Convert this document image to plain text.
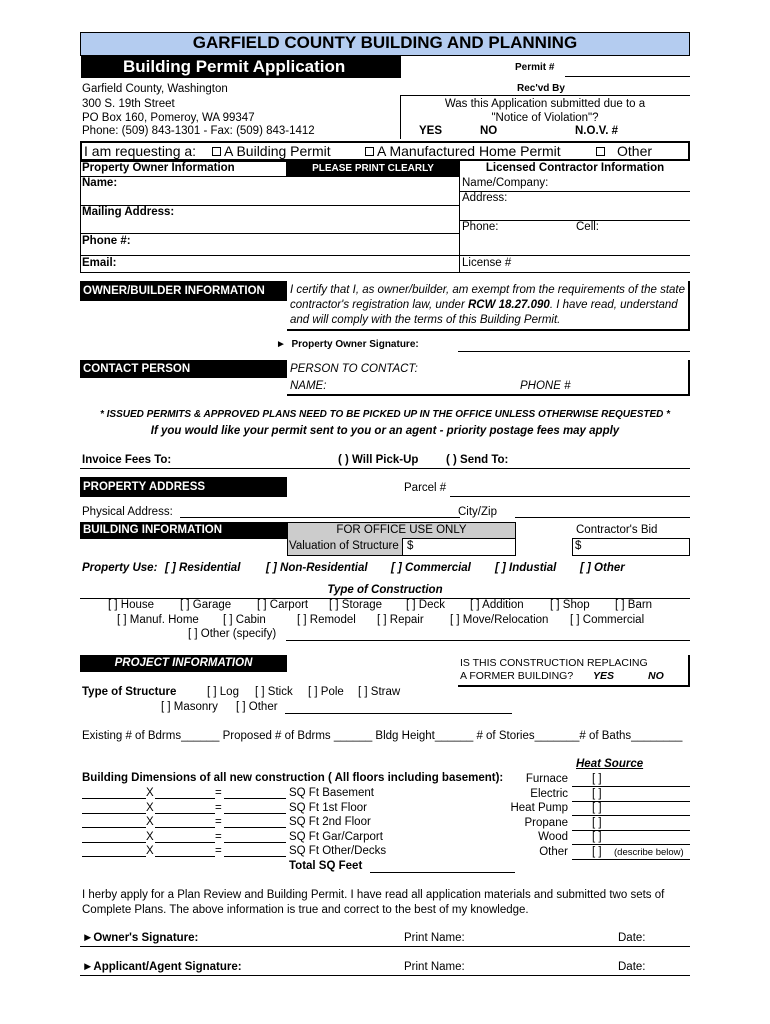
GARFIELD COUNTY BUILDING AND PLANNING
Building Permit Application	Permit #
Rec'vd By
Garfield County, Washington
300 S. 19th Street
PO Box 160, Pomeroy, WA 99347
Phone: (509) 843-1301 - Fax: (509) 843-1412
Was this Application submitted due to a
"Notice of Violation"?
YES	NO	N.O.V. #
I am requesting a:	A Building Permit	A Manufactured Home Permit	Other
Property Owner Information	PLEASE PRINT CLEARLY
Name:
Mailing Address:
Phone #:
Email:
Licensed Contractor Information
Name/Company:
Address:
Phone:	Cell:
License #
OWNER/BUILDER INFORMATION	I certify that I, as owner/builder, am exempt from the requirements of the state
contractor's registration law, under RCW 18.27.090. I have read, understand
and will comply with the terms of this Building Permit.
► Property Owner Signature:
CONTACT PERSON	PERSON TO CONTACT:
NAME:	PHONE #
* ISSUED PERMITS & APPROVED PLANS NEED TO BE PICKED UP IN THE OFFICE UNLESS OTHERWISE REQUESTED *
If you would like your permit sent to you or an agent - priority postage fees may apply
Invoice Fees To:	( ) Will Pick-Up ( ) Send To:
PROPERTY ADDRESS	Parcel #
Physical Address:	City/Zip
BUILDING INFORMATION	FOR OFFICE USE ONLY
Valuation of Structure $
Contractor's Bid
$
Property Use: [ ] Residential [ ] Non-Residential [ ] Commercial [ ] Industial [ ] Other
Type of Construction
[ ] House [ ] Garage [ ] Carport [ ] Storage [ ] Deck [ ] Addition [ ] Shop [ ] Barn
[ ] Manuf. Home [ ] Cabin	[ ] Remodel [ ] Repair [ ] Move/Relocation [ ] Commercial
[ ] Other (specify)
PROJECT INFORMATION	IS THIS CONSTRUCTION REPLACING
A FORMER BUILDING? YES	NO
Type of Structure	[ ] Log [ ] Stick [ ] Pole [ ] Straw
[ ] Masonry [ ] Other
Existing # of Bdrms______ Proposed # of Bdrms ______ Bldg Height______ # of Stories_______# of Baths________
Building Dimensions of all new construction ( All floors including basement):
X	=	SQ Ft Basement
X	=	SQ Ft 1st Floor
X	=	SQ Ft 2nd Floor
X	=	SQ Ft Gar/Carport
X	=	SQ Ft Other/Decks
Total SQ Feet
Heat Source
Furnace [ ]
Electric [ ]
Heat Pump [ ]
Propane [ ]
Wood [ ]
Other [ ] (describe below)
I herby apply for a Plan Review and Building Permit. I have read all application materials and submitted two sets of
Complete Plans. The above information is true and correct to the best of my knowledge.
►Owner's Signature:	Print Name:	Date:
►Applicant/Agent Signature:	Print Name:	Date:
